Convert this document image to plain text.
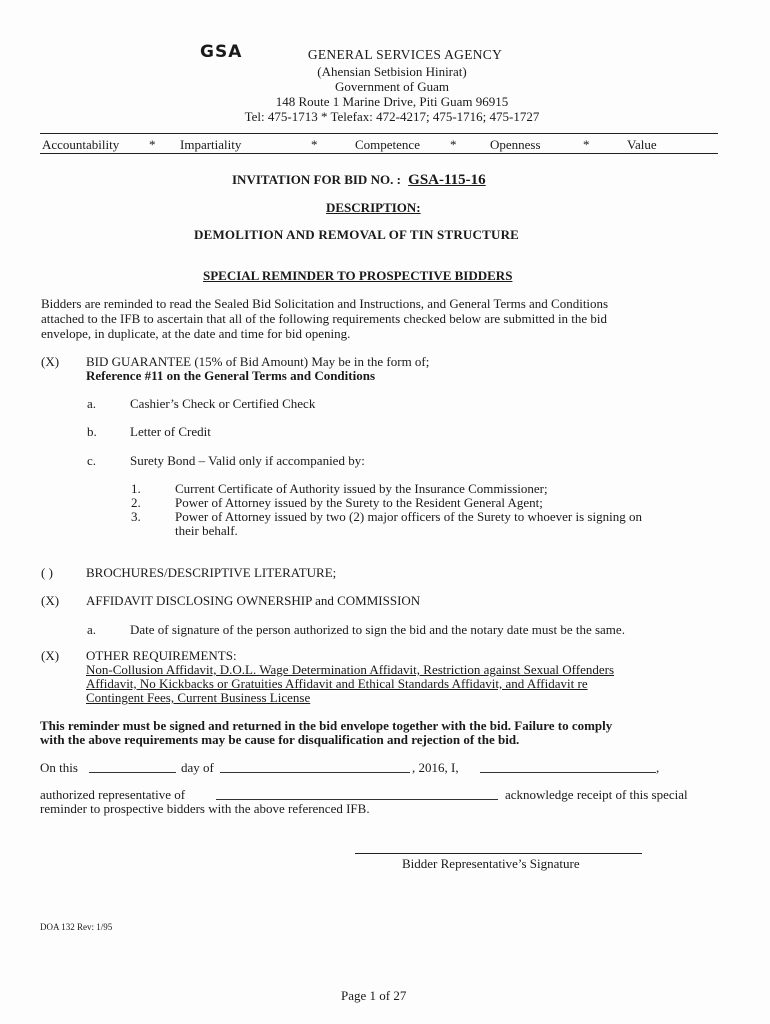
GSA	GENERAL SERVICES AGENCY
(Ahensian Setbision Hinirat)
Government of Guam
148 Route 1 Marine Drive, Piti Guam 96915
Tel: 475-1713 * Telefax: 472-4217; 475-1716; 475-1727
Accountability * Impartiality	*	Competence *	Openness	*	Value
INVITATION FOR BID NO. : GSA-115-16
DESCRIPTION:
DEMOLITION AND REMOVAL OF TIN STRUCTURE
SPECIAL REMINDER TO PROSPECTIVE BIDDERS
Bidders are reminded to read the Sealed Bid Solicitation and Instructions, and General Terms and Conditions
attached to the IFB to ascertain that all of the following requirements checked below are submitted in the bid
envelope, in duplicate, at the date and time for bid opening.
(X) BID GUARANTEE (15% of Bid Amount) May be in the form of;
Reference #11 on the General Terms and Conditions
a.	Cashier’s Check or Certified Check
b.	Letter of Credit
c.	Surety Bond – Valid only if accompanied by:
1.	Current Certificate of Authority issued by the Insurance Commissioner;
2.	Power of Attorney issued by the Surety to the Resident General Agent;
3.	Power of Attorney issued by two (2) major officers of the Surety to whoever is signing on
their behalf.
( )	BROCHURES/DESCRIPTIVE LITERATURE;
(X) AFFIDAVIT DISCLOSING OWNERSHIP and COMMISSION
a.	Date of signature of the person authorized to sign the bid and the notary date must be the same.
(X) OTHER REQUIREMENTS:
Non-Collusion Affidavit, D.O.L. Wage Determination Affidavit, Restriction against Sexual Offenders
Affidavit, No Kickbacks or Gratuities Affidavit and Ethical Standards Affidavit, and Affidavit re
Contingent Fees, Current Business License
This reminder must be signed and returned in the bid envelope together with the bid. Failure to comply
with the above requirements may be cause for disqualification and rejection of the bid.
On this	day of	, 2016, I,	,
authorized representative of	acknowledge receipt of this special
reminder to prospective bidders with the above referenced IFB.
Bidder Representative’s Signature
DOA 132 Rev: 1/95
Page 1 of 27
